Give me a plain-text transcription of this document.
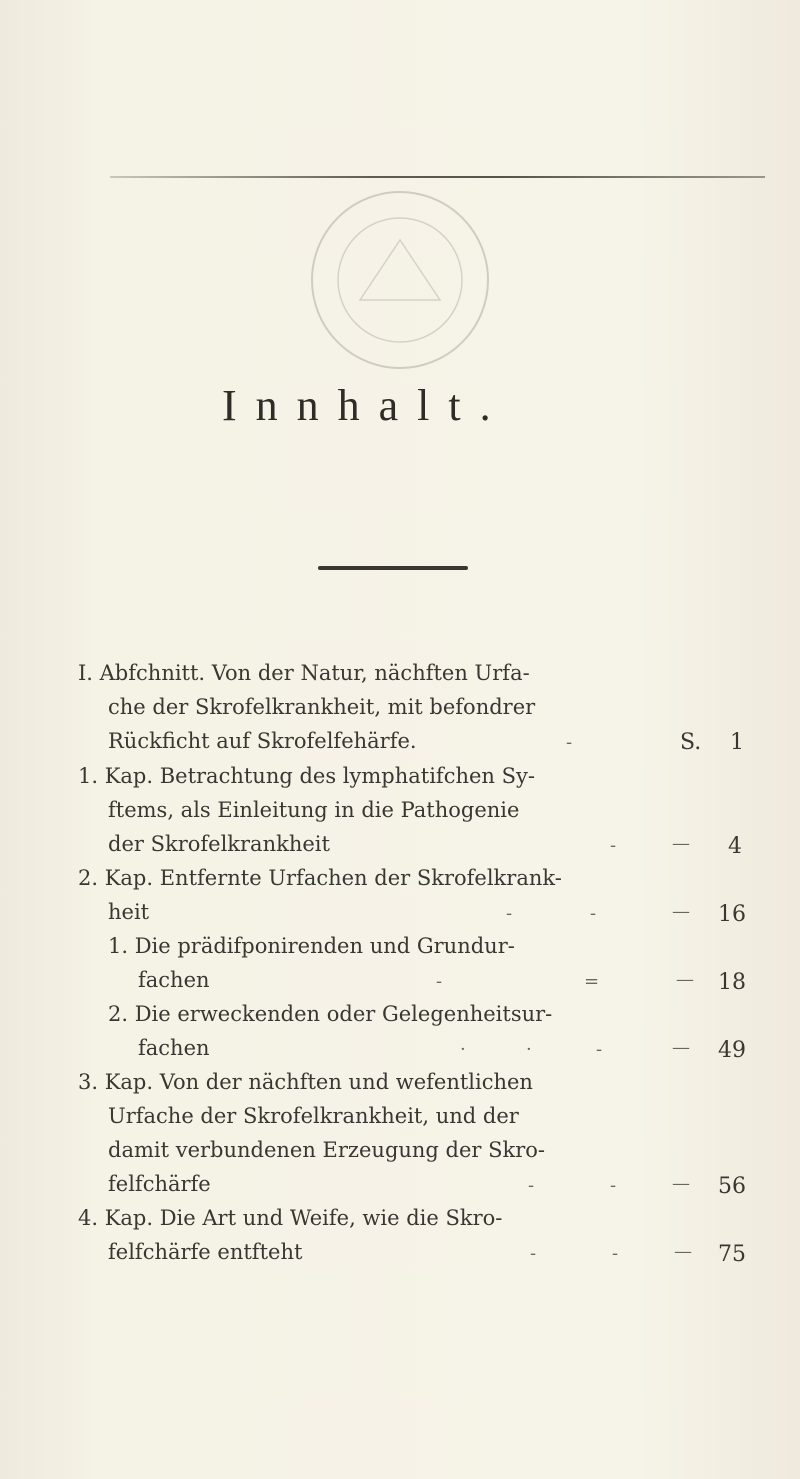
Innhalt.
I. Abfchnitt. Von der Natur, nächften Urfa-
che der Skrofelkrankheit, mit befondrer
Rückficht auf Skrofelfehärfe.	-	S. 1
1. Kap. Betrachtung des lymphatifchen Sy-
ftems, als Einleitung in die Pathogenie
der Skrofelkrankheit	-	— 4
2. Kap. Entfernte Urfachen der Skrofelkrank-
heit	-	-	— 16
1. Die prädifponirenden und Grundur-
fachen	-	=	— 18
2. Die erweckenden oder Gelegenheitsur-
fachen	·	·	-	— 49
3. Kap. Von der nächften und wefentlichen
Urfache der Skrofelkrankheit, und der
damit verbundenen Erzeugung der Skro-
felfchärfe	-	-	— 56
4. Kap. Die Art und Weife, wie die Skro-
felfchärfe entfteht	-	-	— 75
